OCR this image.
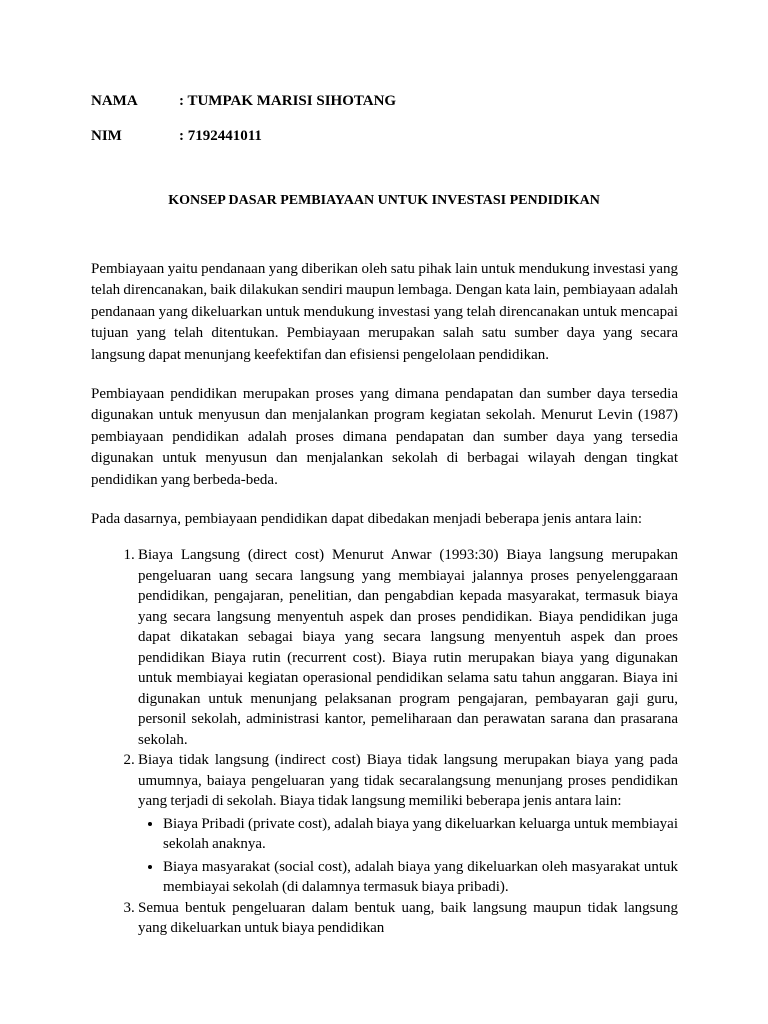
NAMA	: TUMPAK MARISI SIHOTANG
NIM	: 7192441011
KONSEP DASAR PEMBIAYAAN UNTUK INVESTASI PENDIDIKAN

Pembiayaan yaitu pendanaan yang diberikan oleh satu pihak lain untuk mendukung investasi yang telah direncanakan, baik dilakukan sendiri maupun lembaga. Dengan kata lain, pembiayaan adalah pendanaan yang dikeluarkan untuk mendukung investasi yang telah direncanakan untuk mencapai tujuan yang telah ditentukan. Pembiayaan merupakan salah satu sumber daya yang secara langsung dapat menunjang keefektifan dan efisiensi pengelolaan pendidikan.

Pembiayaan pendidikan merupakan proses yang dimana pendapatan dan sumber daya tersedia digunakan untuk menyusun dan menjalankan program kegiatan sekolah. Menurut Levin (1987) pembiayaan pendidikan adalah proses dimana pendapatan dan sumber daya yang tersedia digunakan untuk menyusun dan menjalankan sekolah di berbagai wilayah dengan tingkat pendidikan yang berbeda-beda.

Pada dasarnya, pembiayaan pendidikan dapat dibedakan menjadi beberapa jenis antara lain:

1. Biaya Langsung (direct cost) Menurut Anwar (1993:30) Biaya langsung merupakan pengeluaran uang secara langsung yang membiayai jalannya proses penyelenggaraan pendidikan, pengajaran, penelitian, dan pengabdian kepada masyarakat, termasuk biaya yang secara langsung menyentuh aspek dan proses pendidikan. Biaya pendidikan juga dapat dikatakan sebagai biaya yang secara langsung menyentuh aspek dan proes pendidikan Biaya rutin (recurrent cost). Biaya rutin merupakan biaya yang digunakan untuk membiayai kegiatan operasional pendidikan selama satu tahun anggaran. Biaya ini digunakan untuk menunjang pelaksanan program pengajaran, pembayaran gaji guru, personil sekolah, administrasi kantor, pemeliharaan dan perawatan sarana dan prasarana sekolah.
2. Biaya tidak langsung (indirect cost) Biaya tidak langsung merupakan biaya yang pada umumnya, baiaya pengeluaran yang tidak secaralangsung menunjang proses pendidikan yang terjadi di sekolah. Biaya tidak langsung memiliki beberapa jenis antara lain:
• Biaya Pribadi (private cost), adalah biaya yang dikeluarkan keluarga untuk membiayai sekolah anaknya.
• Biaya masyarakat (social cost), adalah biaya yang dikeluarkan oleh masyarakat untuk membiayai sekolah (di dalamnya termasuk biaya pribadi).
3. Semua bentuk pengeluaran dalam bentuk uang, baik langsung maupun tidak langsung yang dikeluarkan untuk biaya pendidikan
